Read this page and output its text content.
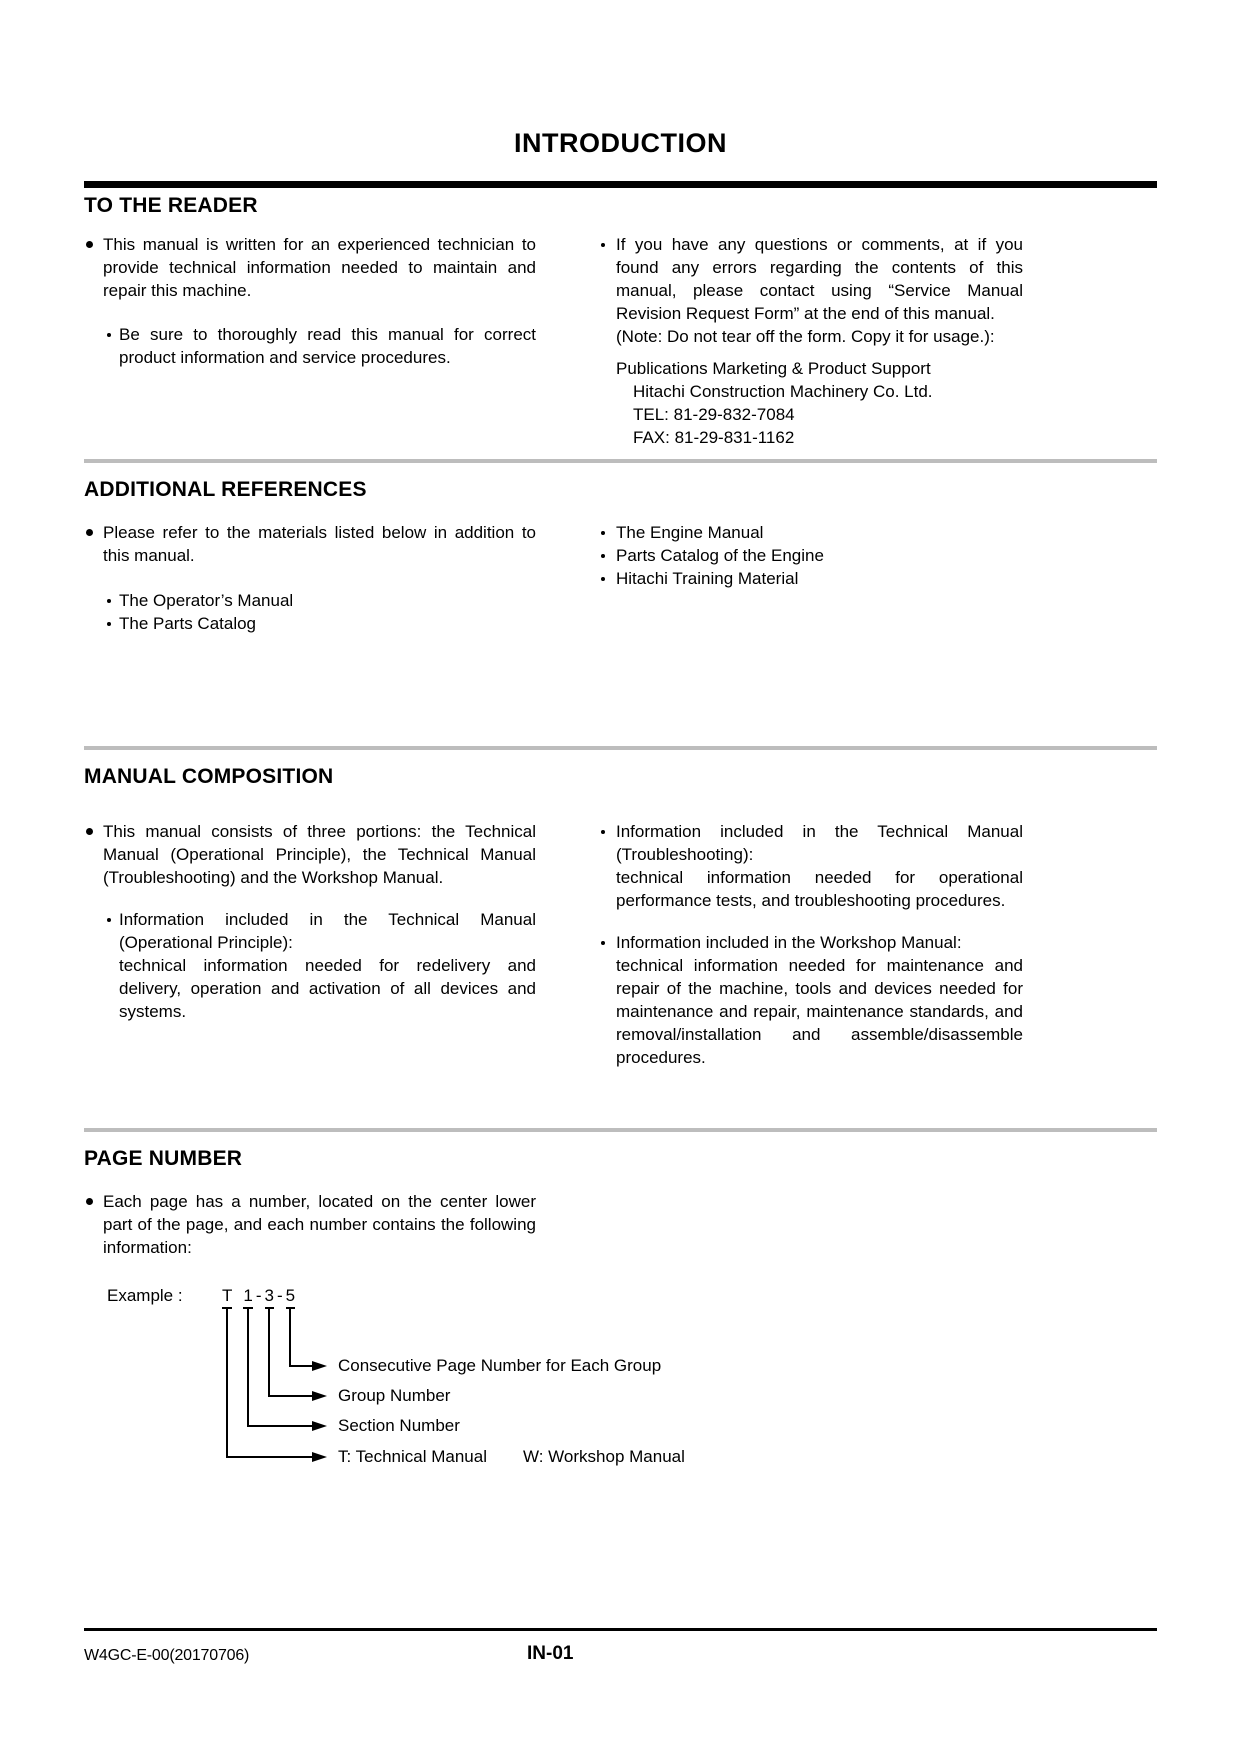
INTRODUCTION
TO THE READER

This manual is written for an experienced technician to provide technical information needed to maintain and repair this machine.

Be sure to thoroughly read this manual for correct product information and service procedures.

If you have any questions or comments, at if you found any errors regarding the contents of this manual, please contact using “Service Manual Revision Request Form” at the end of this manual.

(Note: Do not tear off the form. Copy it for usage.):

Publications Marketing & Product Support

Hitachi Construction Machinery Co. Ltd.

TEL: 81-29-832-7084

FAX: 81-29-831-1162

ADDITIONAL REFERENCES

Please refer to the materials listed below in addition to this manual.

The Operator’s Manual

The Parts Catalog

The Engine Manual

Parts Catalog of the Engine

Hitachi Training Material

MANUAL COMPOSITION

This manual consists of three portions: the Technical Manual (Operational Principle), the Technical Manual (Troubleshooting) and the Workshop Manual.

Information included in the Technical Manual (Operational Principle):

technical information needed for redelivery and delivery, operation and activation of all devices and systems.

Information included in the Technical Manual (Troubleshooting):

technical information needed for operational performance tests, and troubleshooting procedures.

Information included in the Workshop Manual:

technical information needed for maintenance and repair of the machine, tools and devices needed for maintenance and repair, maintenance standards, and removal/installation and assemble/disassemble procedures.

PAGE NUMBER

Each page has a number, located on the center lower part of the page, and each number contains the following information:

Example : T 1 - 3 - 5
Consecutive Page Number for Each Group
Group Number
Section Number
T: Technical Manual W: Workshop Manual
W4GC-E-00(20170706)	IN-01
